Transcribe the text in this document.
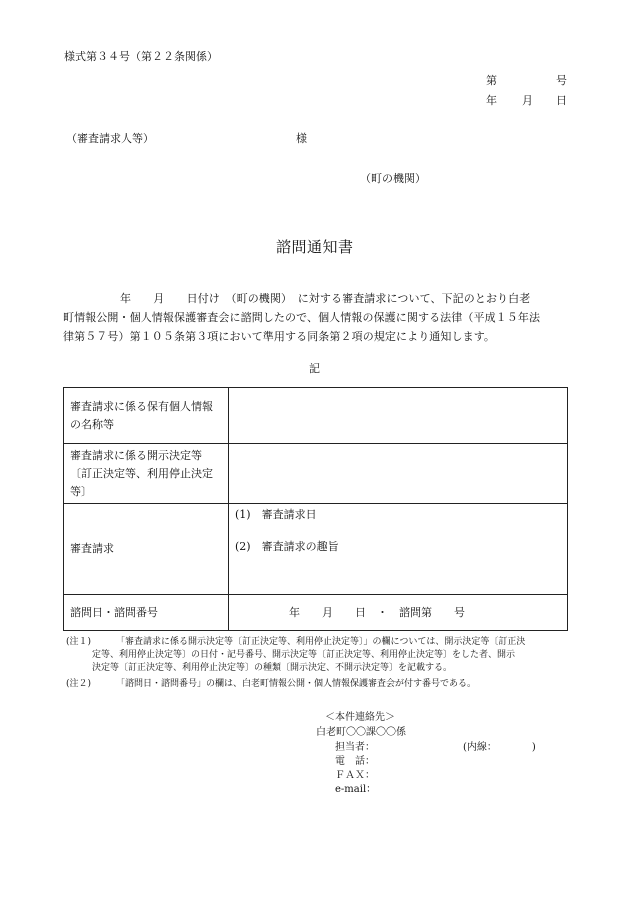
様式第３４号（第２２条関係）
第	号
年 月 日
（審査請求人等）	様
（町の機関）
諮問通知書
年　　月　　日付け　（町の機関）　に対する審査請求について、下記のとおり白老
町情報公開・個人情報保護審査会に諮問したので、個人情報の保護に関する法律（平成１５年法
律第５７号）第１０５条第３項において準用する同条第２項の規定により通知します。
記
審査請求に係る保有個人情報
の名称等	

審査請求に係る開示決定等
〔訂正決定等、利用停止決定
等〕	

審査請求	(1)　審査請求日
(2)　審査請求の趣旨

諮問日・諮問番号	年　　月　　日　・　諮問第　　号
(注１)	「審査請求に係る開示決定等〔訂正決定等、利用停止決定等〕」の欄については、開示決定等〔訂正決
定等、利用停止決定等〕の日付・記号番号、開示決定等〔訂正決定等、利用停止決定等〕をした者、開示
決定等〔訂正決定等、利用停止決定等〕の種類〔開示決定、不開示決定等〕を記載する。
(注２)	「諮問日・諮問番号」の欄は、白老町情報公開・個人情報保護審査会が付す番号である。
＜本件連絡先＞
白老町〇〇課〇〇係
担当者：	(内線：　　　　)
電　話：
ＦＡＸ：
e-mail：
